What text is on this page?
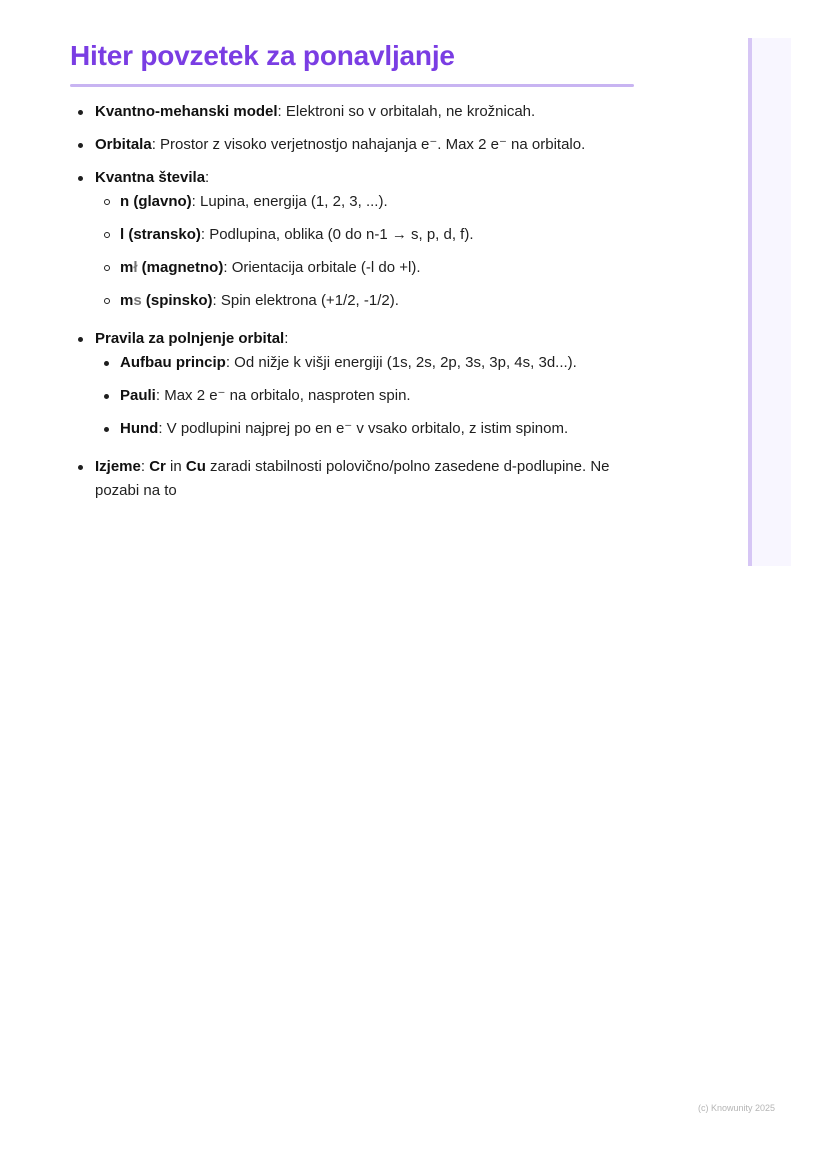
Hiter povzetek za ponavljanje
Kvantno-mehanski model: Elektroni so v orbitalah, ne krožnicah.
Orbitala: Prostor z visoko verjetnostjo nahajanja e⁻. Max 2 e⁻ na orbitalo.
Kvantna števila:
n (glavno): Lupina, energija (1, 2, 3, ...).
l (stransko): Podlupina, oblika (0 do n-1 → s, p, d, f).
mł (magnetno): Orientacija orbitale (-l do +l).
ms (spinsko): Spin elektrona (+1/2, -1/2).
Pravila za polnjenje orbital:
Aufbau princip: Od nižje k višji energiji (1s, 2s, 2p, 3s, 3p, 4s, 3d...).
Pauli: Max 2 e⁻ na orbitalo, nasproten spin.
Hund: V podlupini najprej po en e⁻ v vsako orbitalo, z istim spinom.
Izjeme: Cr in Cu zaradi stabilnosti polovično/polno zasedene d-podlupine. Ne pozabi na to
(c) Knowunity 2025
